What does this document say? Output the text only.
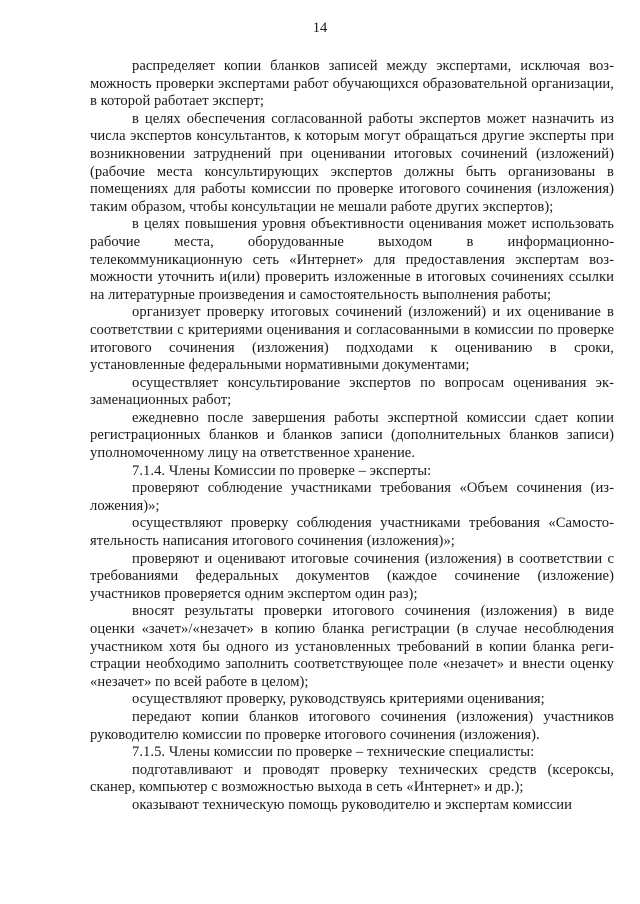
14

распределяет копии бланков записей между экспертами, исключая возможность проверки экспертами работ обучающихся образовательной организации, в которой работает эксперт;

в целях обеспечения согласованной работы экспертов может назначить из числа экспертов консультантов, к которым могут обращаться другие эксперты при возникновении затруднений при оценивании итоговых сочинений (изложений) (рабочие места консультирующих экспертов должны быть организованы в помещениях для работы комиссии по проверке итогового сочинения (изложения) таким образом, чтобы консультации не мешали работе других экспертов);

в целях повышения уровня объективности оценивания может использовать рабочие места, оборудованные выходом в информационно-телекоммуникационную сеть «Интернет» для предоставления экспертам возможности уточнить и(или) проверить изложенные в итоговых сочинениях ссылки на литературные произведения и самостоятельность выполнения работы;

организует проверку итоговых сочинений (изложений) и их оценивание в соответствии с критериями оценивания и согласованными в комиссии по проверке итогового сочинения (изложения) подходами к оцениванию в сроки, установленные федеральными нормативными документами;

осуществляет консультирование экспертов по вопросам оценивания экзаменационных работ;

ежедневно после завершения работы экспертной комиссии сдает копии регистрационных бланков и бланков записи (дополнительных бланков записи) уполномоченному лицу на ответственное хранение.

7.1.4. Члены Комиссии по проверке – эксперты:

проверяют соблюдение участниками требования «Объем сочинения (изложения)»;

осуществляют проверку соблюдения участниками требования «Самостоятельность написания итогового сочинения (изложения)»;

проверяют и оценивают итоговые сочинения (изложения) в соответствии с требованиями федеральных документов (каждое сочинение (изложение) участников проверяется одним экспертом один раз);

вносят результаты проверки итогового сочинения (изложения) в виде оценки «зачет»/«незачет» в копию бланка регистрации (в случае несоблюдения участником хотя бы одного из установленных требований в копии бланка регистрации необходимо заполнить соответствующее поле «незачет» и внести оценку «незачет» по всей работе в целом);

осуществляют проверку, руководствуясь критериями оценивания;

передают копии бланков итогового сочинения (изложения) участников руководителю комиссии по проверке итогового сочинения (изложения).

7.1.5. Члены комиссии по проверке – технические специалисты:

подготавливают и проводят проверку технических средств (ксероксы, сканер, компьютер с возможностью выхода в сеть «Интернет» и др.);

оказывают техническую помощь руководителю и экспертам комиссии
